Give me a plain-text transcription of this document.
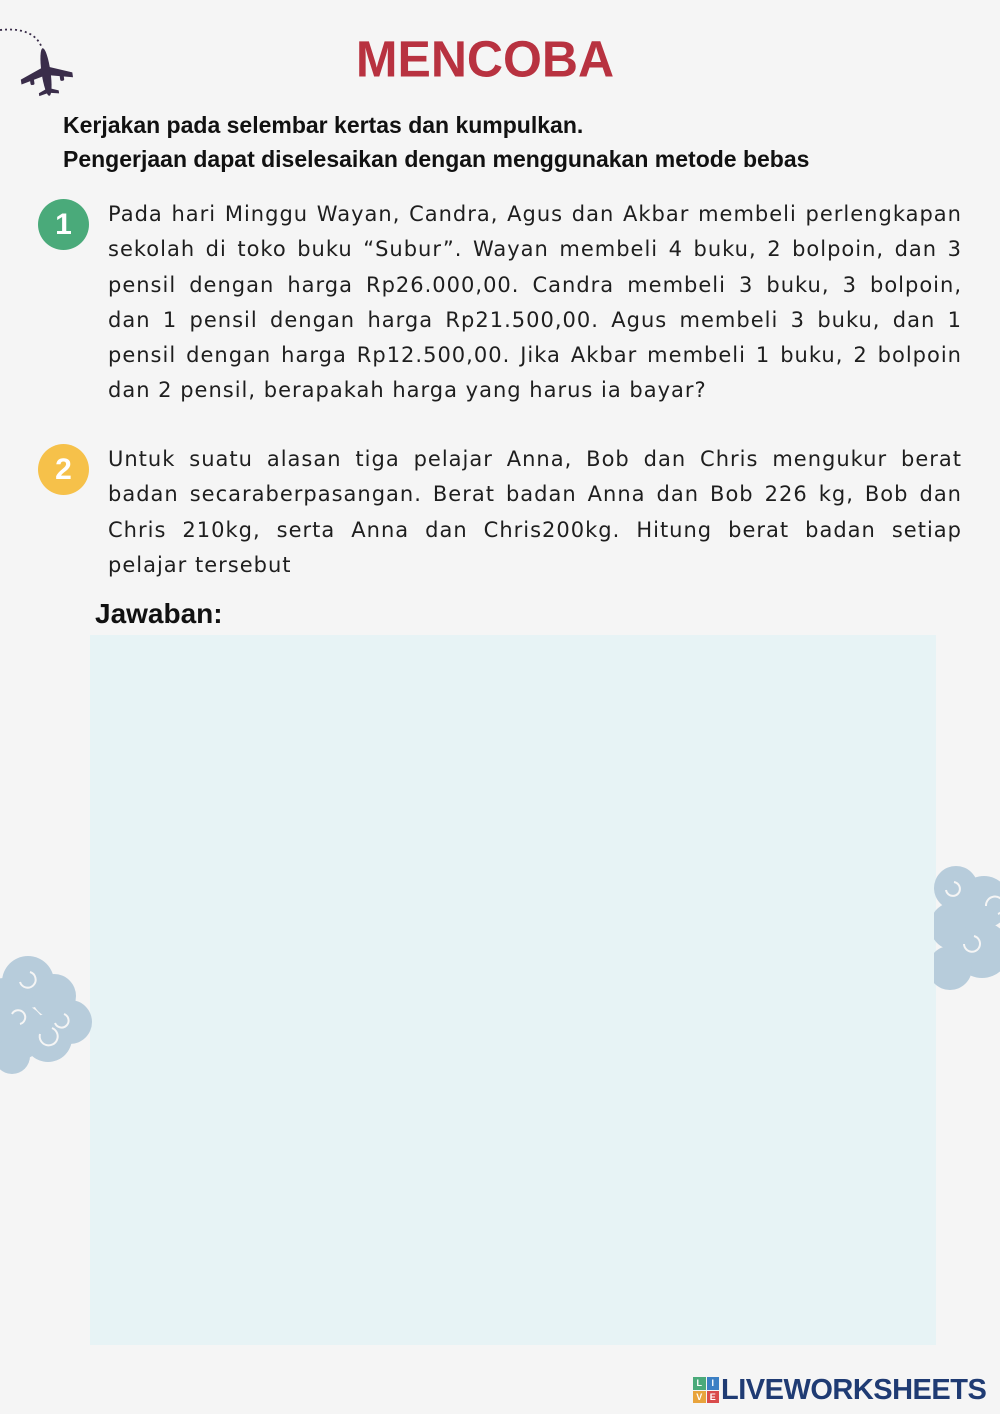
MENCOBA
Kerjakan pada selembar kertas dan kumpulkan.
Pengerjaan dapat diselesaikan dengan menggunakan metode bebas
1	Pada hari Minggu Wayan, Candra, Agus dan Akbar membeli perlengkapan sekolah di toko buku “Subur”. Wayan membeli 4 buku, 2 bolpoin, dan 3 pensil dengan harga Rp26.000,00. Candra membeli 3 buku, 3 bolpoin, dan 1 pensil dengan harga Rp21.500,00. Agus membeli 3 buku, dan 1 pensil dengan harga Rp12.500,00. Jika Akbar membeli 1 buku, 2 bolpoin dan 2 pensil, berapakah harga yang harus ia bayar?
2	Untuk suatu alasan tiga pelajar Anna, Bob dan Chris mengukur berat badan secaraberpasangan. Berat badan Anna dan Bob 226 kg, Bob dan Chris 210kg, serta Anna dan Chris200kg. Hitung berat badan setiap pelajar tersebut
Jawaban:
L	I
V E LIVEWORKSHEETS
